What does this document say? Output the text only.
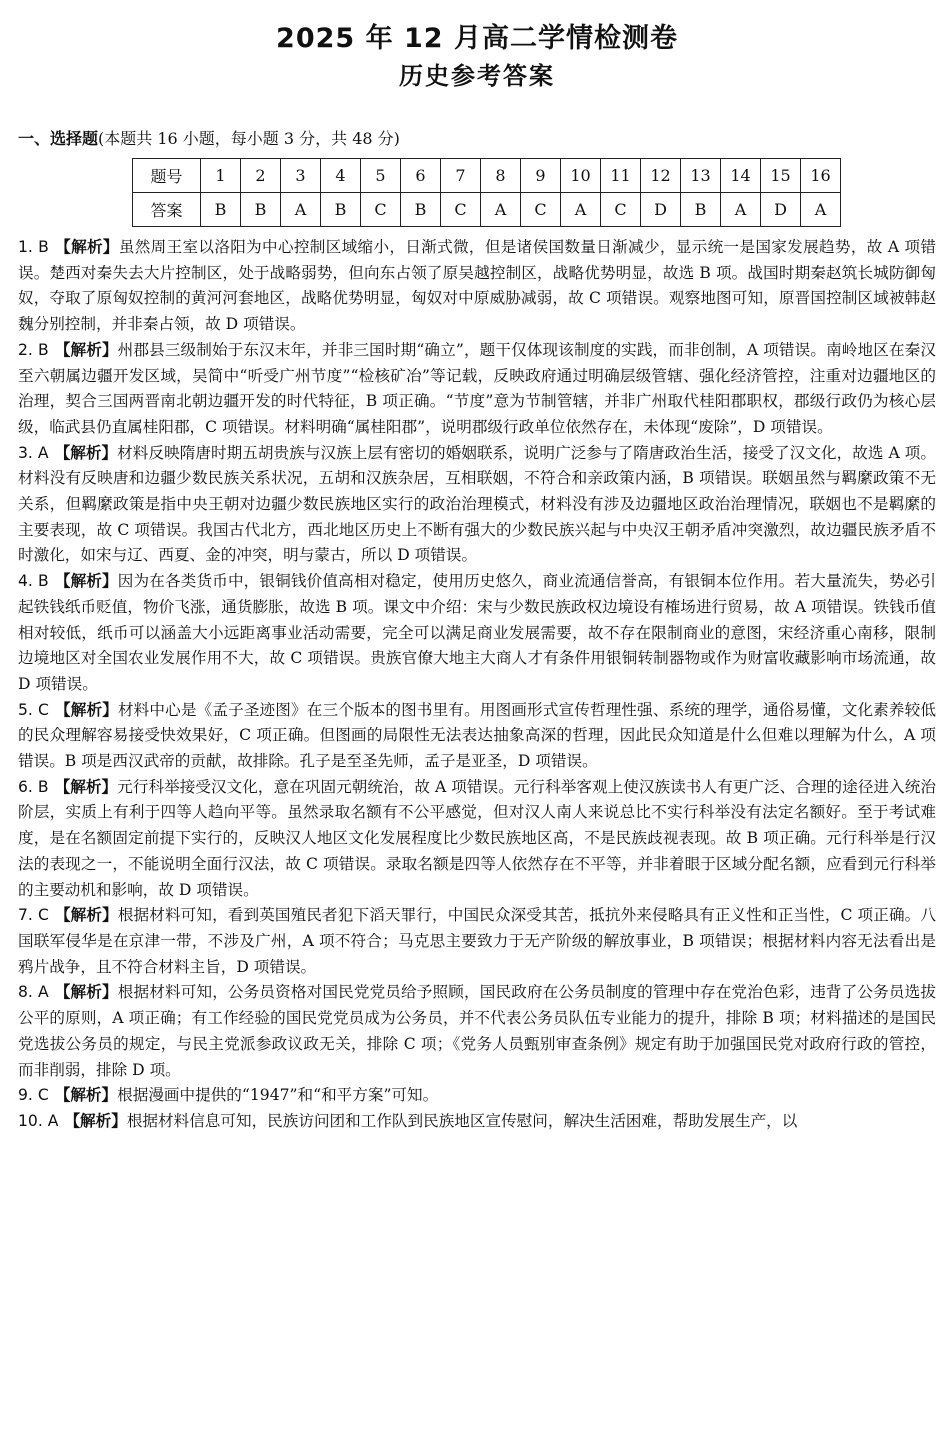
2025 年 12 月高二学情检测卷
历史参考答案
一、选择题(本题共 16 小题，每小题 3 分，共 48 分)
题号	1	2	3	4	5	6	7	8	9	10	11	12	13	14	15	16
答案	B	B	A	B	C	B	C	A	C	A	C	D	B	A	D	A

1. B 【解析】虽然周王室以洛阳为中心控制区域缩小，日渐式微，但是诸侯国数量日渐减少，显示统一是国家发展趋势，故 A 项错误。楚西对秦失去大片控制区，处于战略弱势，但向东占领了原吴越控制区，战略优势明显，故选 B 项。战国时期秦赵筑长城防御匈奴，夺取了原匈奴控制的黄河河套地区，战略优势明显，匈奴对中原威胁减弱，故 C 项错误。观察地图可知，原晋国控制区域被韩赵魏分别控制，并非秦占领，故 D 项错误。

2. B 【解析】州郡县三级制始于东汉末年，并非三国时期“确立”，题干仅体现该制度的实践，而非创制，A 项错误。南岭地区在秦汉至六朝属边疆开发区域，吴简中“听受广州节度”“检核矿冶”等记载，反映政府通过明确层级管辖、强化经济管控，注重对边疆地区的治理，契合三国两晋南北朝边疆开发的时代特征，B 项正确。“节度”意为节制管辖，并非广州取代桂阳郡职权，郡级行政仍为核心层级，临武县仍直属桂阳郡，C 项错误。材料明确“属桂阳郡”，说明郡级行政单位依然存在，未体现“废除”，D 项错误。

3. A 【解析】材料反映隋唐时期五胡贵族与汉族上层有密切的婚姻联系，说明广泛参与了隋唐政治生活，接受了汉文化，故选 A 项。材料没有反映唐和边疆少数民族关系状况，五胡和汉族杂居，互相联姻，不符合和亲政策内涵，B 项错误。联姻虽然与羁縻政策不无关系，但羁縻政策是指中央王朝对边疆少数民族地区实行的政治治理模式，材料没有涉及边疆地区政治治理情况，联姻也不是羁縻的主要表现，故 C 项错误。我国古代北方，西北地区历史上不断有强大的少数民族兴起与中央汉王朝矛盾冲突激烈，故边疆民族矛盾不时激化，如宋与辽、西夏、金的冲突，明与蒙古，所以 D 项错误。

4. B 【解析】因为在各类货币中，银铜钱价值高相对稳定，使用历史悠久，商业流通信誉高，有银铜本位作用。若大量流失，势必引起铁钱纸币贬值，物价飞涨，通货膨胀，故选 B 项。课文中介绍：宋与少数民族政权边境设有榷场进行贸易，故 A 项错误。铁钱币值相对较低，纸币可以涵盖大小远距离事业活动需要，完全可以满足商业发展需要，故不存在限制商业的意图，宋经济重心南移，限制边境地区对全国农业发展作用不大，故 C 项错误。贵族官僚大地主大商人才有条件用银铜转制器物或作为财富收藏影响市场流通，故 D 项错误。

5. C 【解析】材料中心是《孟子圣迹图》在三个版本的图书里有。用图画形式宣传哲理性强、系统的理学，通俗易懂，文化素养较低的民众理解容易接受快效果好，C 项正确。但图画的局限性无法表达抽象高深的哲理，因此民众知道是什么但难以理解为什么，A 项错误。B 项是西汉武帝的贡献，故排除。孔子是至圣先师，孟子是亚圣，D 项错误。

6. B 【解析】元行科举接受汉文化，意在巩固元朝统治，故 A 项错误。元行科举客观上使汉族读书人有更广泛、合理的途径进入统治阶层，实质上有利于四等人趋向平等。虽然录取名额有不公平感觉，但对汉人南人来说总比不实行科举没有法定名额好。至于考试难度，是在名额固定前提下实行的，反映汉人地区文化发展程度比少数民族地区高，不是民族歧视表现。故 B 项正确。元行科举是行汉法的表现之一，不能说明全面行汉法，故 C 项错误。录取名额是四等人依然存在不平等，并非着眼于区域分配名额，应看到元行科举的主要动机和影响，故 D 项错误。

7. C 【解析】根据材料可知，看到英国殖民者犯下滔天罪行，中国民众深受其苦，抵抗外来侵略具有正义性和正当性，C 项正确。八国联军侵华是在京津一带，不涉及广州，A 项不符合；马克思主要致力于无产阶级的解放事业，B 项错误；根据材料内容无法看出是鸦片战争，且不符合材料主旨，D 项错误。

8. A 【解析】根据材料可知，公务员资格对国民党党员给予照顾，国民政府在公务员制度的管理中存在党治色彩，违背了公务员选拔公平的原则，A 项正确；有工作经验的国民党党员成为公务员，并不代表公务员队伍专业能力的提升，排除 B 项；材料描述的是国民党选拔公务员的规定，与民主党派参政议政无关，排除 C 项；《党务人员甄别审查条例》规定有助于加强国民党对政府行政的管控，而非削弱，排除 D 项。

9. C 【解析】根据漫画中提供的“1947”和“和平方案”可知。

10. A 【解析】根据材料信息可知，民族访问团和工作队到民族地区宣传慰问，解决生活困难，帮助发展生产，以
